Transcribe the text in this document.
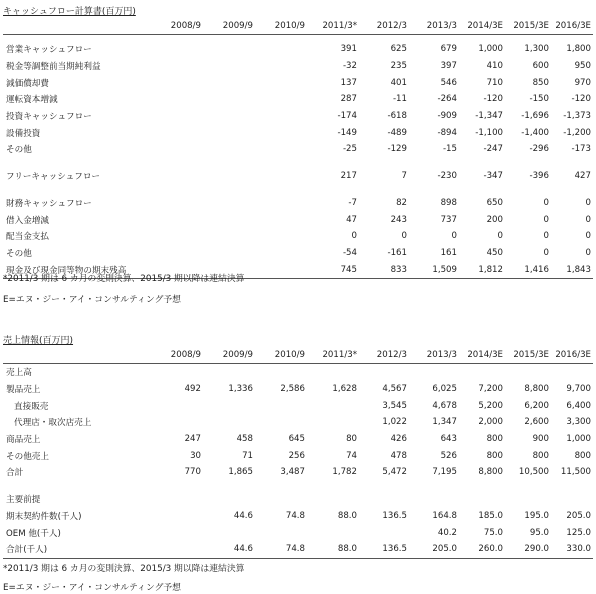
キャッシュフロー計算書(百万円)
	2008/9	2009/9	2010/9	2011/3*	2012/3	2013/3	2014/3E	2015/3E	2016/3E

営業キャッシュフロー				391	625	679	1,000	1,300	1,800
税金等調整前当期純利益				-32	235	397	410	600	950
減価償却費				137	401	546	710	850	970
運転資本増減				287	-11	-264	-120	-150	-120
投資キャッシュフロー				-174	-618	-909	-1,347	-1,696	-1,373
設備投資				-149	-489	-894	-1,100	-1,400	-1,200
その他				-25	-129	-15	-247	-296	-173

フリーキャッシュフロー				217	7	-230	-347	-396	427

財務キャッシュフロー				-7	82	898	650	0	0
借入金増減				47	243	737	200	0	0
配当金支払				0	0	0	0	0	0
その他				-54	-161	161	450	0	0
現金及び現金同等物の期末残高				745	833	1,509	1,812	1,416	1,843
*2011/3 期は 6 カ月の変則決算、2015/3 期以降は連結決算
E=エヌ・ジー・アイ・コンサルティング予想
売上情報(百万円)
	2008/9	2009/9	2010/9	2011/3*	2012/3	2013/3	2014/3E	2015/3E	2016/3E
売上高									
製品売上	492	1,336	2,586	1,628	4,567	6,025	7,200	8,800	9,700
直接販売					3,545	4,678	5,200	6,200	6,400
代理店・取次店売上					1,022	1,347	2,000	2,600	3,300
商品売上	247	458	645	80	426	643	800	900	1,000
その他売上	30	71	256	74	478	526	800	800	800
合計	770	1,865	3,487	1,782	5,472	7,195	8,800	10,500	11,500

主要前提									
期末契約件数(千人)		44.6	74.8	88.0	136.5	164.8	185.0	195.0	205.0
OEM 他(千人)						40.2	75.0	95.0	125.0
合計(千人)		44.6	74.8	88.0	136.5	205.0	260.0	290.0	330.0
*2011/3 期は 6 カ月の変則決算、2015/3 期以降は連結決算
E=エヌ・ジー・アイ・コンサルティング予想
